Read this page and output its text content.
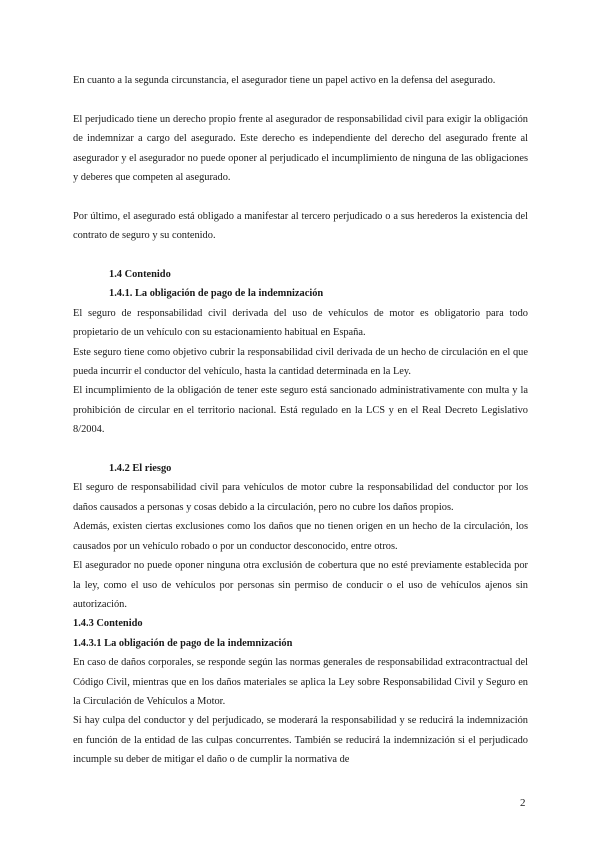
En cuanto a la segunda circunstancia, el asegurador tiene un papel activo en la defensa del asegurado.

El perjudicado tiene un derecho propio frente al asegurador de responsabilidad civil para exigir la obligación de indemnizar a cargo del asegurado. Este derecho es independiente del derecho del asegurado frente al asegurador y el asegurador no puede oponer al perjudicado el incumplimiento de ninguna de las obligaciones y deberes que competen al asegurado.

Por último, el asegurado está obligado a manifestar al tercero perjudicado o a sus herederos la existencia del contrato de seguro y su contenido.

1.4 Contenido

1.4.1. La obligación de pago de la indemnización

El seguro de responsabilidad civil derivada del uso de vehículos de motor es obligatorio para todo propietario de un vehículo con su estacionamiento habitual en España.

Este seguro tiene como objetivo cubrir la responsabilidad civil derivada de un hecho de circulación en el que pueda incurrir el conductor del vehículo, hasta la cantidad determinada en la Ley.

El incumplimiento de la obligación de tener este seguro está sancionado administrativamente con multa y la prohibición de circular en el territorio nacional. Está regulado en la LCS y en el Real Decreto Legislativo 8/2004.

1.4.2 El riesgo

El seguro de responsabilidad civil para vehículos de motor cubre la responsabilidad del conductor por los daños causados a personas y cosas debido a la circulación, pero no cubre los daños propios.

Además, existen ciertas exclusiones como los daños que no tienen origen en un hecho de la circulación, los causados por un vehículo robado o por un conductor desconocido, entre otros.

El asegurador no puede oponer ninguna otra exclusión de cobertura que no esté previamente establecida por la ley, como el uso de vehículos por personas sin permiso de conducir o el uso de vehículos ajenos sin autorización.

1.4.3 Contenido

1.4.3.1 La obligación de pago de la indemnización

En caso de daños corporales, se responde según las normas generales de responsabilidad extracontractual del Código Civil, mientras que en los daños materiales se aplica la Ley sobre Responsabilidad Civil y Seguro en la Circulación de Vehículos a Motor.

Si hay culpa del conductor y del perjudicado, se moderará la responsabilidad y se reducirá la indemnización en función de la entidad de las culpas concurrentes. También se reducirá la indemnización si el perjudicado incumple su deber de mitigar el daño o de cumplir la normativa de

2
